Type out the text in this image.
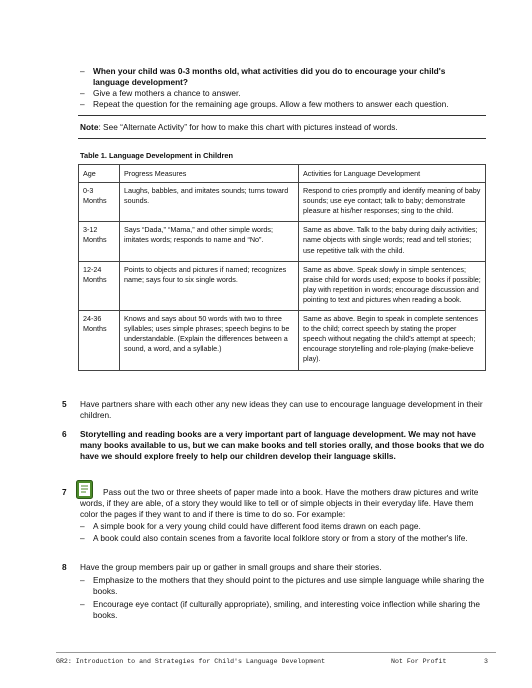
– When your child was 0-3 months old, what activities did you do to encourage your child's language development?
– Give a few mothers a chance to answer.
– Repeat the question for the remaining age groups. Allow a few mothers to answer each question.
Note: See “Alternate Activity” for how to make this chart with pictures instead of words.
Table 1. Language Development in Children
Age	Progress Measures	Activities for Language Development
0-3 Months	Laughs, babbles, and imitates sounds; turns toward sounds.	Respond to cries promptly and identify meaning of baby sounds; use eye contact; talk to baby; demonstrate pleasure at his/her responses; sing to the child.
3-12 Months	Says “Dada,” “Mama,” and other simple words; imitates words; responds to name and “No”.	Same as above. Talk to the baby during daily activities; name objects with single words; read and tell stories; use repetitive talk with the child.
12-24 Months	Points to objects and pictures if named; recognizes name; says four to six single words.	Same as above. Speak slowly in simple sentences; praise child for words used; expose to books if possible; play with repetition in words; encourage discussion and pointing to text and pictures when reading a book.
24-36 Months	Knows and says about 50 words with two to three syllables; uses simple phrases; speech begins to be understandable. (Explain the differences between a sound, a word, and a syllable.)	Same as above. Begin to speak in complete sentences to the child; correct speech by stating the proper speech without negating the child's attempt at speech; encourage storytelling and role-playing (make-believe play).
5 Have partners share with each other any new ideas they can use to encourage language development in their children.
6 Storytelling and reading books are a very important part of language development. We may not have many books available to us, but we can make books and tell stories orally, and those books that we do have we should explore freely to help our children develop their language skills.
7	Pass out the two or three sheets of paper made into a book. Have the mothers draw pictures and write words, if they are able, of a story they would like to tell or of simple objects in their everyday life. Have them color the pages if they want to and if there is time to do so. For example:
– A simple book for a very young child could have different food items drawn on each page.
– A book could also contain scenes from a favorite local folklore story or from a story of the mother's life.
8 Have the group members pair up or gather in small groups and share their stories.
– Emphasize to the mothers that they should point to the pictures and use simple language while sharing the books.
– Encourage eye contact (if culturally appropriate), smiling, and interesting voice inflection while sharing the books.
GR2: Introduction to and Strategies for Child's Language Development	Not For Profit	3
